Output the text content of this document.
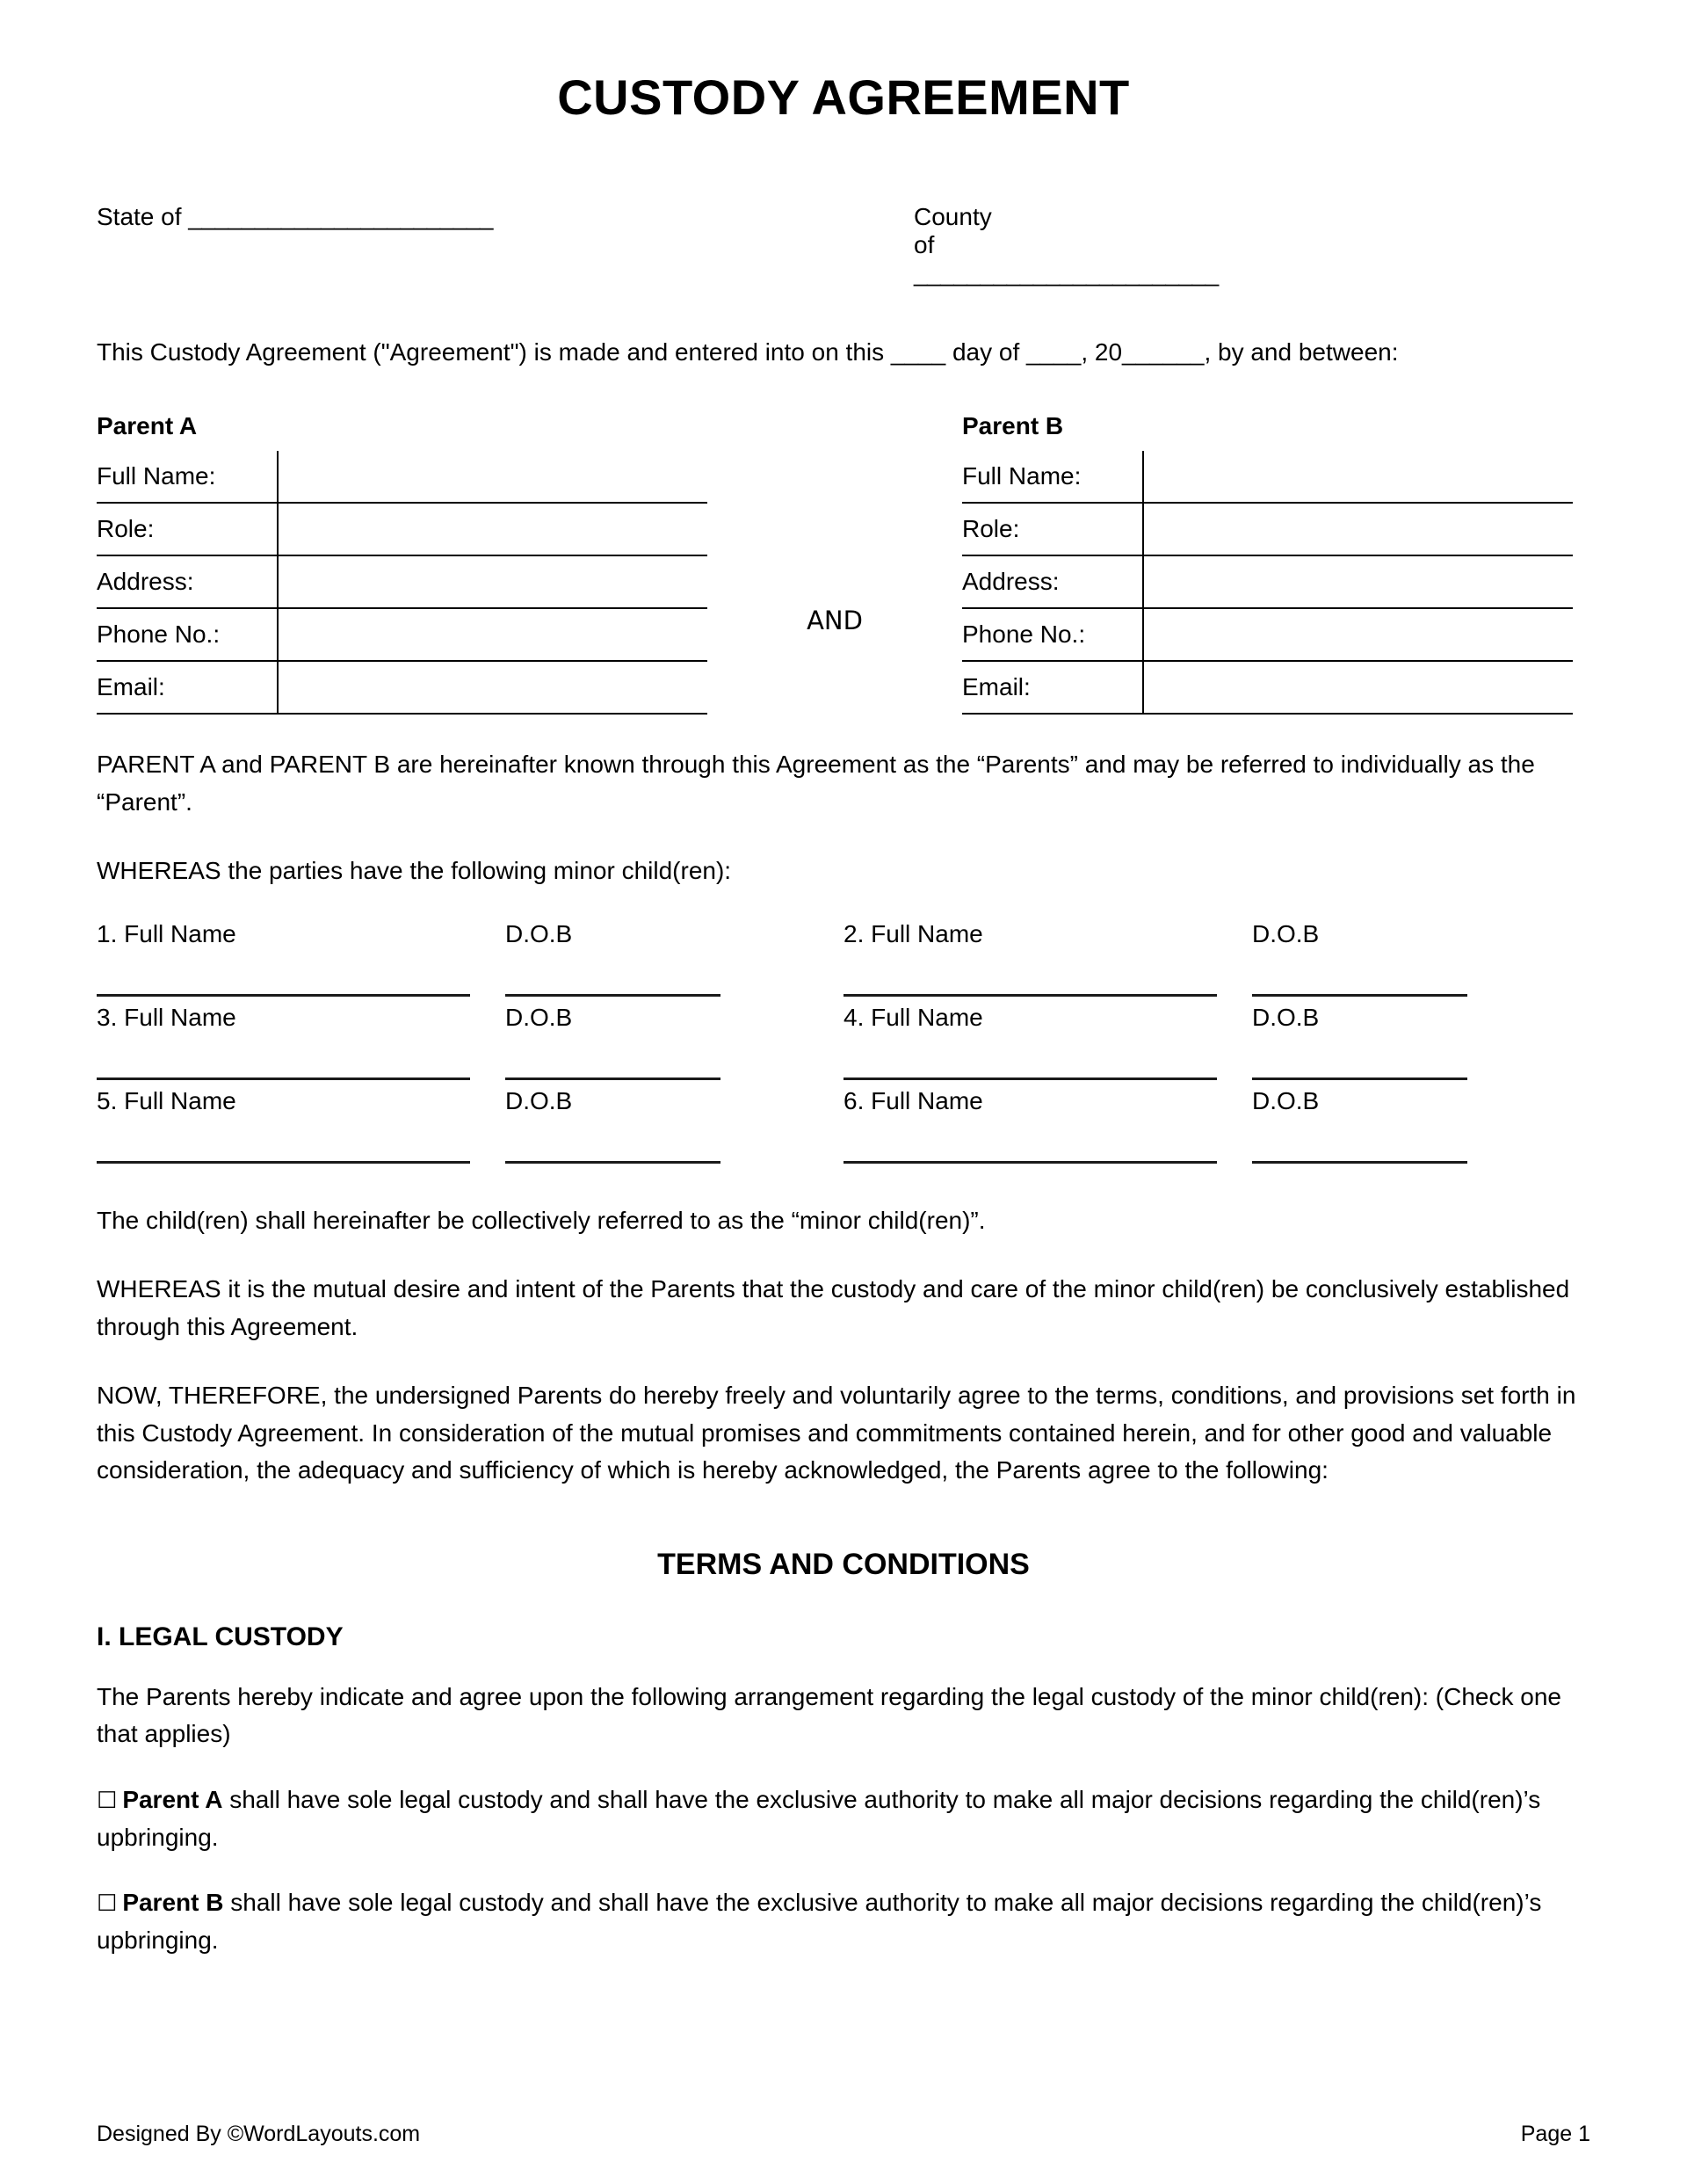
CUSTODY AGREEMENT
State of _______________________	County of _______________________
This Custody Agreement ("Agreement") is made and entered into on this ____ day of ____, 20______, by and between:
Parent A
Full Name:	
Role:	
Address:	
Phone No.:	
Email:	
AND
Parent B
Full Name:	
Role:	
Address:	
Phone No.:	
Email:	

PARENT A and PARENT B are hereinafter known through this Agreement as the “Parents” and may be referred to individually as the “Parent”.

WHEREAS the parties have the following minor child(ren):

1. Full Name	D.O.B	2. Full Name	D.O.B
3. Full Name	D.O.B	4. Full Name	D.O.B
5. Full Name	D.O.B	6. Full Name	D.O.B

The child(ren) shall hereinafter be collectively referred to as the “minor child(ren)”.

WHEREAS it is the mutual desire and intent of the Parents that the custody and care of the minor child(ren) be conclusively established through this Agreement.

NOW, THEREFORE, the undersigned Parents do hereby freely and voluntarily agree to the terms, conditions, and provisions set forth in this Custody Agreement. In consideration of the mutual promises and commitments contained herein, and for other good and valuable consideration, the adequacy and sufficiency of which is hereby acknowledged, the Parents agree to the following:

TERMS AND CONDITIONS
I. LEGAL CUSTODY

The Parents hereby indicate and agree upon the following arrangement regarding the legal custody of the minor child(ren): (Check one that applies)

☐ Parent A shall have sole legal custody and shall have the exclusive authority to make all major decisions regarding the child(ren)’s upbringing.

☐ Parent B shall have sole legal custody and shall have the exclusive authority to make all major decisions regarding the child(ren)’s upbringing.

Designed By ©WordLayouts.com	Page 1
